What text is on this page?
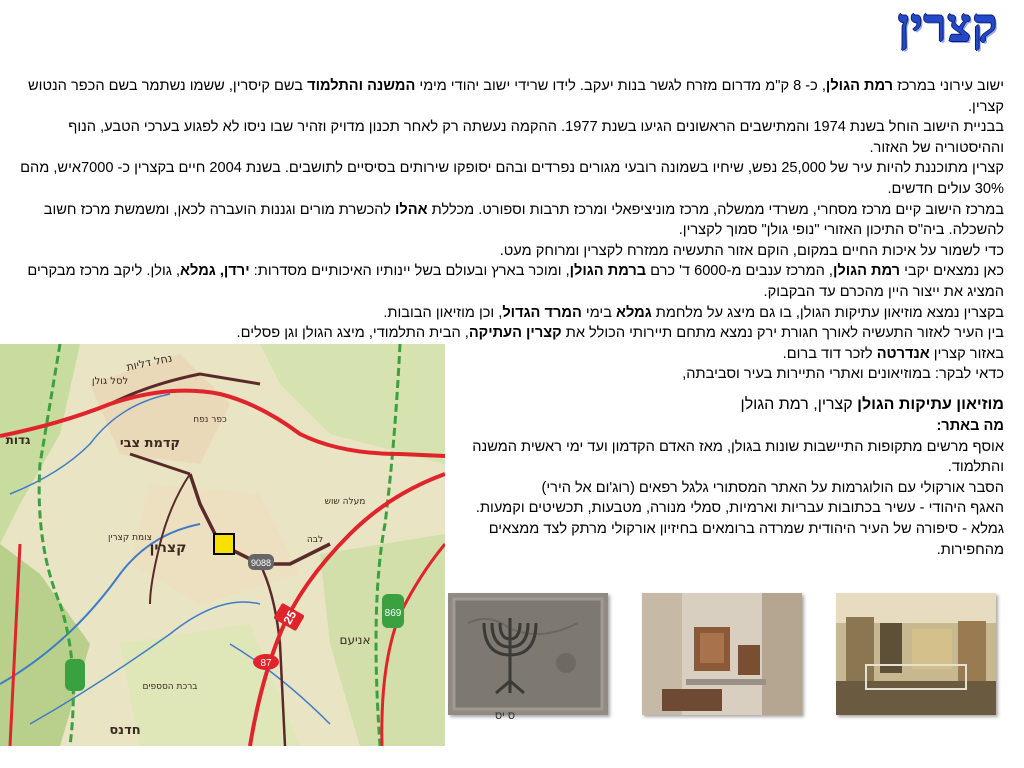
קצרין

ישוב עירוני במרכז רמת הגולן, כ- 8 ק"מ מדרום מזרח לגשר בנות יעקב. לידו שרידי ישוב יהודי מימי המשנה והתלמוד בשם קיסרין, ששמו נשתמר בשם הכפר הנטוש קצרין.

בבניית הישוב הוחל בשנת 1974 והמתישבים הראשונים הגיעו בשנת 1977. ההקמה נעשתה רק לאחר תכנון מדויק וזהיר שבו ניסו לא לפגוע בערכי הטבע, הנוף וההיסטוריה של האזור.

קצרין מתוכננת להיות עיר של 25,000 נפש, שיחיו בשמונה רובעי מגורים נפרדים ובהם יסופקו שירותים בסיסיים לתושבים. בשנת 2004 חיים בקצרין כ- 7000איש, מהם 30% עולים חדשים.

במרכז הישוב קיים מרכז מסחרי, משרדי ממשלה, מרכז מוניציפאלי ומרכז תרבות וספורט. מכללת אהלו להכשרת מורים וגננות הועברה לכאן, ומשמשת מרכז חשוב להשכלה. ביה"ס התיכון האזורי "נופי גולן" סמוך לקצרין.

כדי לשמור על איכות החיים במקום, הוקם אזור התעשיה ממזרח לקצרין ומרוחק מעט.

כאן נמצאים יקבי רמת הגולן, המרכז ענבים מ-6000 ד' כרם ברמת הגולן, ומוכר בארץ ובעולם בשל יינותיו האיכותיים מסדרות: ירדן, גמלא, גולן. ליקב מרכז מבקרים המציג את ייצור היין מהכרם עד הבקבוק.

בקצרין נמצא מוזיאון עתיקות הגולן, בו גם מיצג על מלחמת גמלא בימי המרד הגדול, וכן מוזיאון הבובות.

בין העיר לאזור התעשיה לאורך חגורת ירק נמצא מתחם תיירותי הכולל את קצרין העתיקה, הבית התלמודי, מיצג הגולן וגן פסלים.

באזור קצרין אנדרטה לזכר דוד ברום.

כדאי לבקר: במוזיאונים ואתרי התיירות בעיר וסביבתה,

25
87
869
9088
נחל דליות
לסל גולן
קדמת צבי
גדות
צומת קצרין
קצרין
אניעם
חדנס
ברכת הסספים
כפר נפח
מעלה שוש
לבה

מוזיאון עתיקות הגולן קצרין, רמת הגולן

מה באתר:

אוסף מרשים מתקופות התיישבות שונות בגולן, מאז האדם הקדמון ועד ימי ראשית המשנה והתלמוד.

הסבר אורקולי עם הולוגרמות על האתר המסתורי גלגל רפאים (רוג'ום אל הירי)

האגף היהודי - עשיר בכתובות עבריות וארמיות, סמלי מנורה, מטבעות, תכשיטים וקמעות.

גמלא - סיפורה של העיר היהודית שמרדה ברומאים בחיזיון אורקולי מרתק לצד ממצאים מהחפירות.

ס יס
